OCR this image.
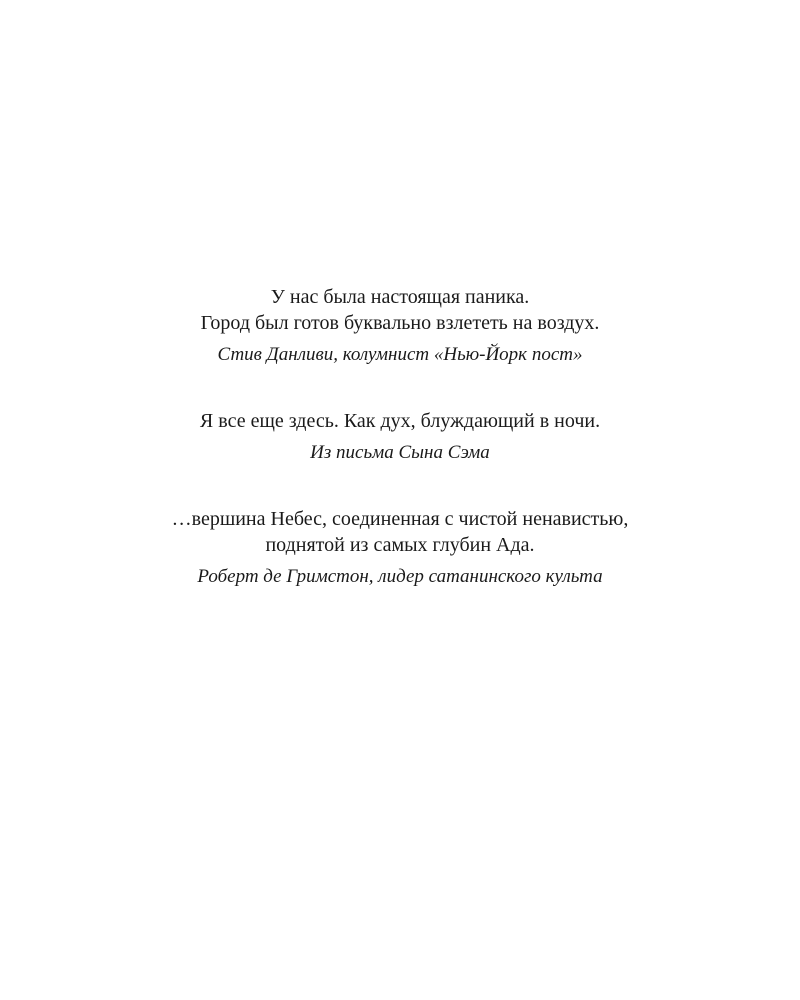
У нас была настоящая паника.
Город был готов буквально взлететь на воздух.
Стив Данливи, колумнист «Нью-Йорк пост»
Я все еще здесь. Как дух, блуждающий в ночи.
Из письма Сына Сэма
…вершина Небес, соединенная с чистой ненавистью,
поднятой из самых глубин Ада.
Роберт де Гримстон, лидер сатанинского культа
